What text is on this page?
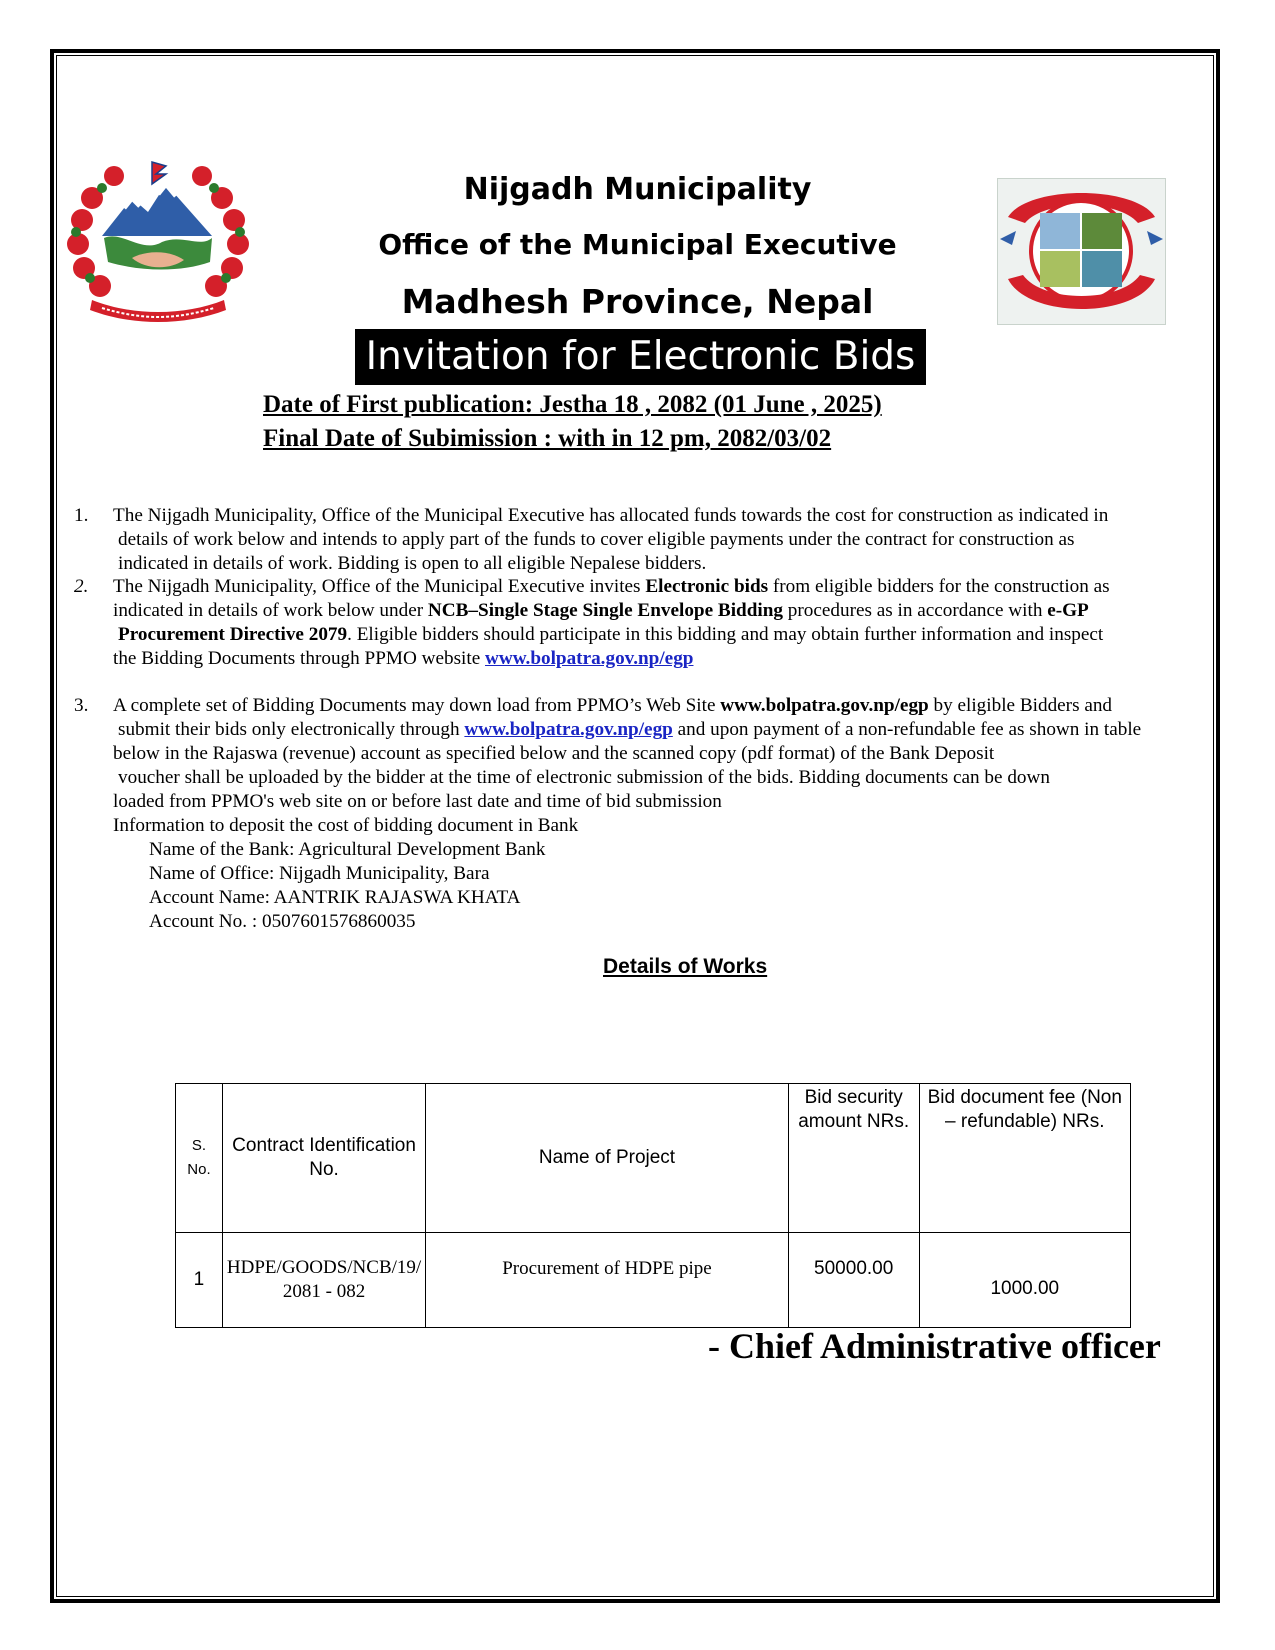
Nijgadh Municipality
Office of the Municipal Executive
Madhesh Province, Nepal
Invitation for Electronic Bids
Date of First publication: Jestha 18 , 2082 (01 June , 2025)
Final Date of Subimission : with in 12 pm, 2082/03/02
1. The Nijgadh Municipality, Office of the Municipal Executive has allocated funds towards the cost for construction as indicated in

details of work below and intends to apply part of the funds to cover eligible payments under the contract for construction as

indicated in details of work. Bidding is open to all eligible Nepalese bidders.

2. The Nijgadh Municipality, Office of the Municipal Executive invites Electronic bids from eligible bidders for the construction as

indicated in details of work below under NCB–Single Stage Single Envelope Bidding procedures as in accordance with e-GP

Procurement Directive 2079. Eligible bidders should participate in this bidding and may obtain further information and inspect

the Bidding Documents through PPMO website www.bolpatra.gov.np/egp

3. A complete set of Bidding Documents may down load from PPMO’s Web Site www.bolpatra.gov.np/egp by eligible Bidders and

submit their bids only electronically through www.bolpatra.gov.np/egp and upon payment of a non-refundable fee as shown in table

below in the Rajaswa (revenue) account as specified below and the scanned copy (pdf format) of the Bank Deposit

voucher shall be uploaded by the bidder at the time of electronic submission of the bids. Bidding documents can be down

loaded from PPMO's web site on or before last date and time of bid submission

Information to deposit the cost of bidding document in Bank

Name of the Bank: Agricultural Development Bank

Name of Office: Nijgadh Municipality, Bara

Account Name: AANTRIK RAJASWA KHATA

Account No. : 0507601576860035

Details of Works
S. No.	Contract Identification No.	Name of Project	Bid security amount NRs.	Bid document fee (Non – refundable) NRs.
1	HDPE/GOODS/NCB/19/ 2081 - 082	Procurement of HDPE pipe	50000.00	1000.00
- Chief Administrative officer
